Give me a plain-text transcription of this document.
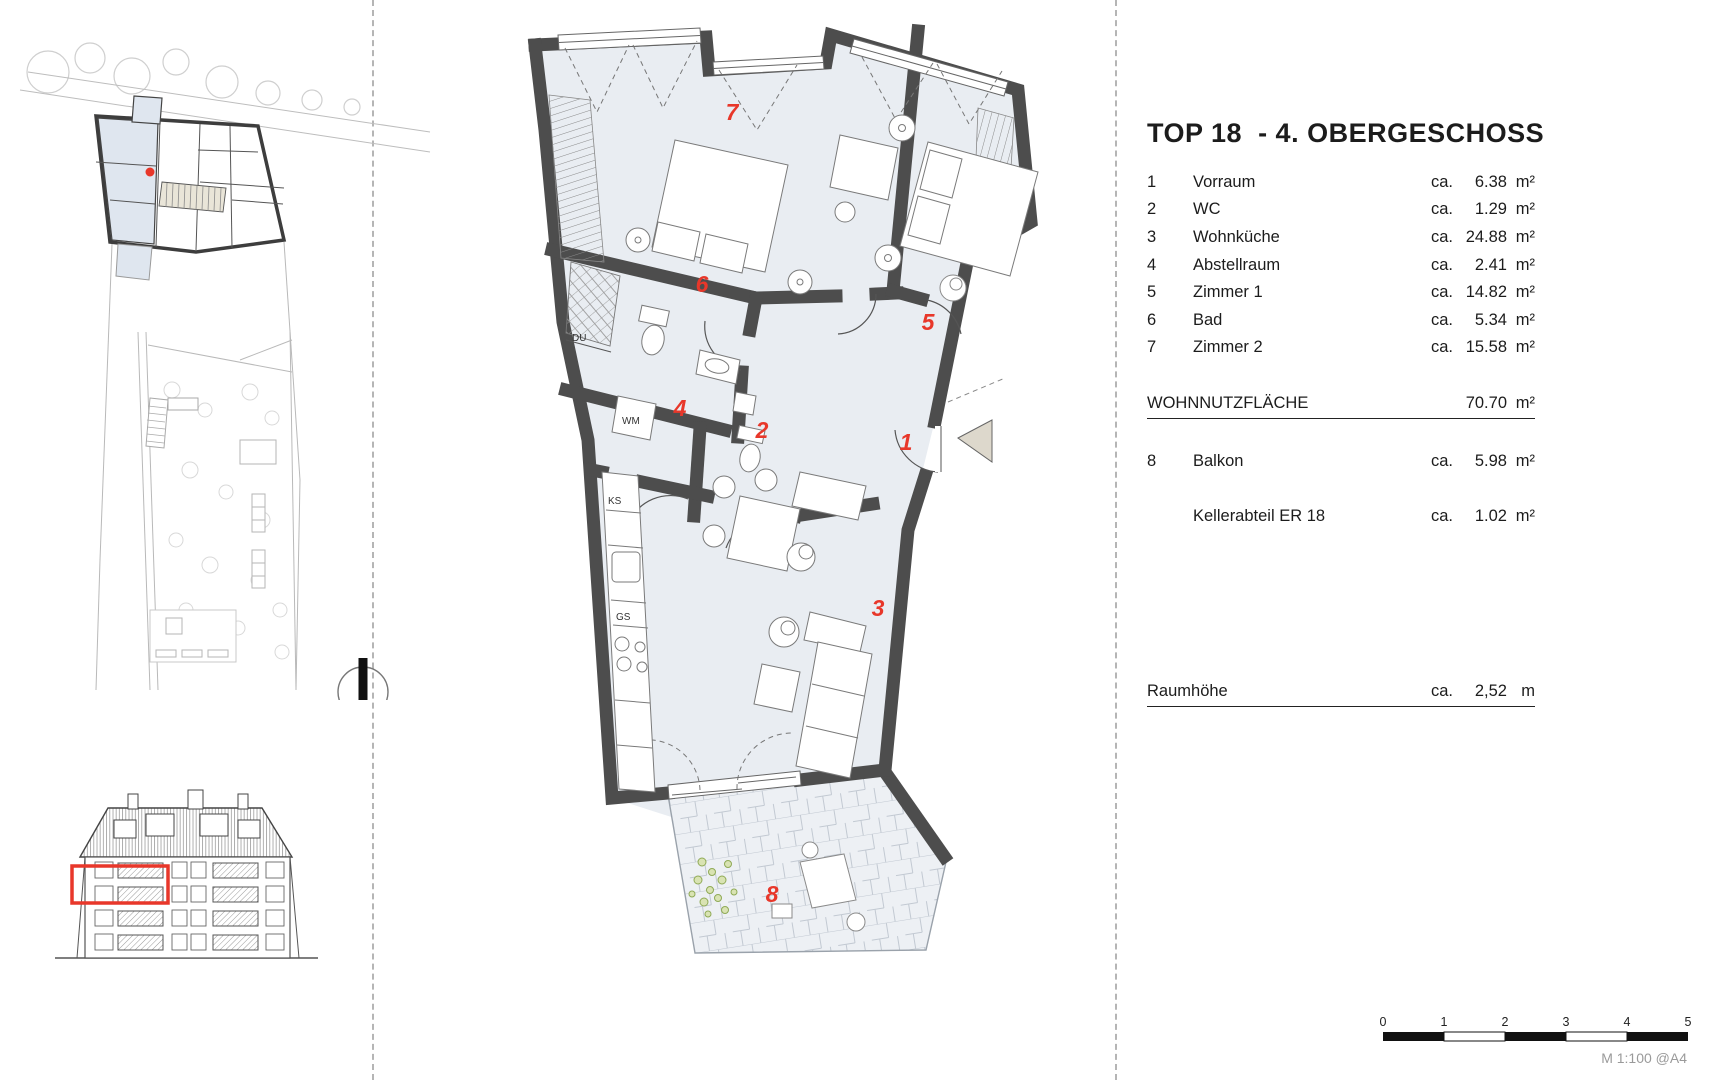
DU
WM
KS
GS
7
6
5
4
2	1
3
8
TOP 18  - 4. OBERGESCHOSS
1	Vorraum	ca.	6.38 m²
2	WC	ca.	1.29 m²
3	Wohnküche	ca. 24.88 m²
4	Abstellraum	ca.	2.41 m²
5	Zimmer 1	ca. 14.82 m²
6	Bad	ca.	5.34 m²
7	Zimmer 2	ca. 15.58 m²
WOHNNUTZFLÄCHE	70.70 m²
8	Balkon	ca.	5.98 m²
Kellerabteil ER 18	ca.	1.02 m²
Raumhöhe	ca.	2,52 m
0	1	2	3	4	5
M 1:100 @A4
